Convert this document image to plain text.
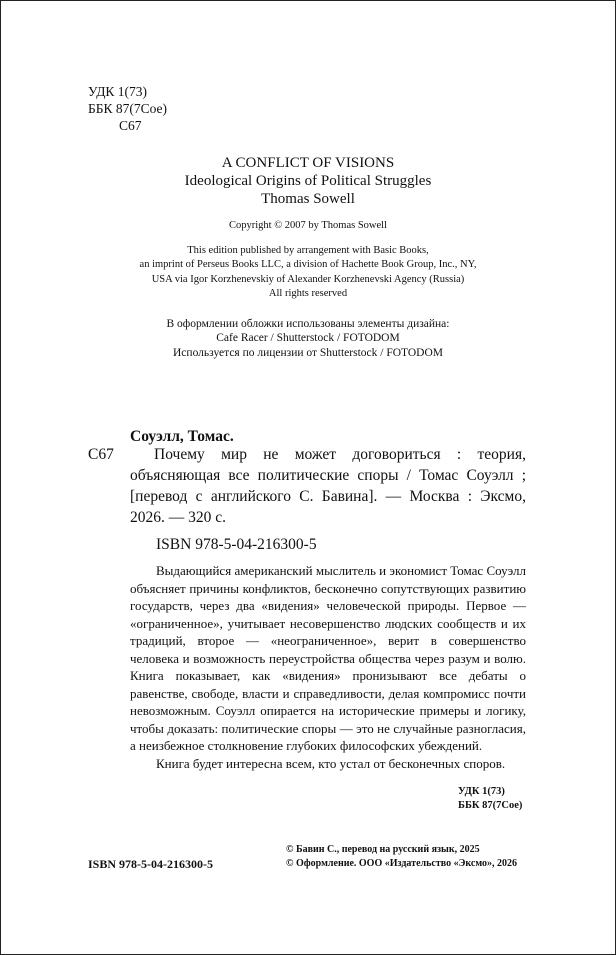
УДК 1(73)
ББК 87(7Сое)
С67
A CONFLICT OF VISIONS
Ideological Origins of Political Struggles
Thomas Sowell
Copyright © 2007 by Thomas Sowell
This edition published by arrangement with Basic Books,
an imprint of Perseus Books LLC, a division of Hachette Book Group, Inc., NY,
USA via Igor Korzhenevskiy of Alexander Korzhenevski Agency (Russia)
All rights reserved
В оформлении обложки использованы элементы дизайна:
Cafe Racer / Shutterstock / FOTODOM
Используется по лицензии от Shutterstock / FOTODOM
Соуэлл, Томас.
С67	Почему мир не может договориться : теория, объясняющая все политические споры / Томас Соуэлл ; [перевод с английского С. Бавина]. — Москва : Эксмо, 2026. — 320 с.
ISBN 978-5-04-216300-5

Выдающийся американский мыслитель и экономист Томас Соуэлл объясняет причины конфликтов, бесконечно сопутствующих развитию государств, через два «видения» человеческой природы. Первое — «ограниченное», учитывает несовершенство людских сообществ и их традиций, второе — «неограниченное», верит в совершенство человека и возможность переустройства общества через разум и волю. Книга показывает, как «видения» пронизывают все дебаты о равенстве, свободе, власти и справедливости, делая компромисс почти невозможным. Соуэлл опирается на исторические примеры и логику, чтобы доказать: политические споры — это не случайные разногласия, а неизбежное столкновение глубоких философских убеждений.

Книга будет интересна всем, кто устал от бесконечных споров.

УДК 1(73)
ББК 87(7Сое)
ISBN 978-5-04-216300-5
© Бавин С., перевод на русский язык, 2025
© Оформление. ООО «Издательство «Эксмо», 2026
